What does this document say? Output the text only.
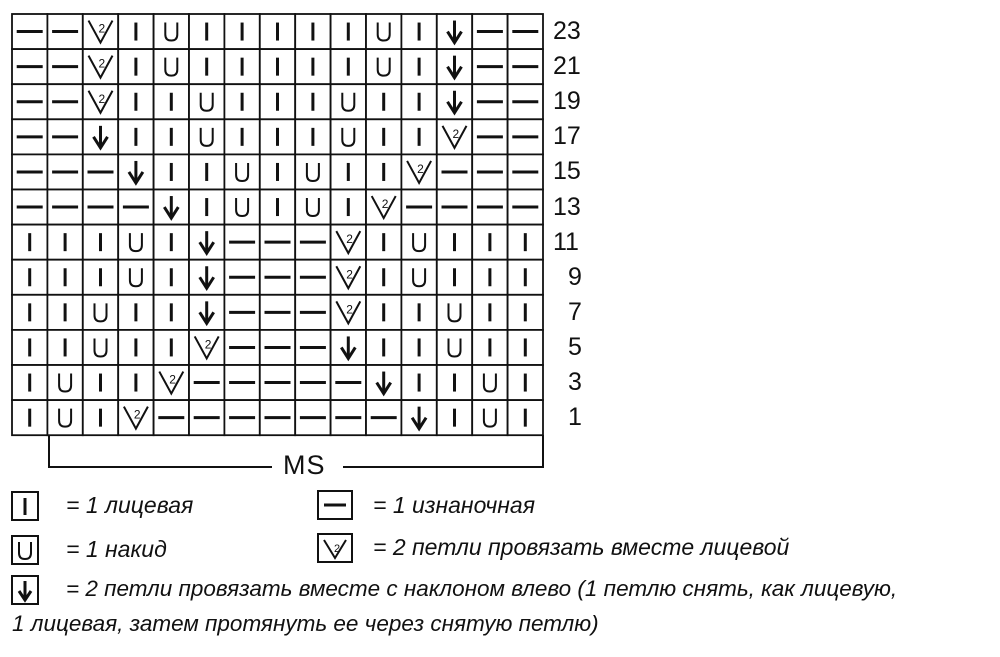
2
2
2
2
2
2
2
2
2
2
2
2
2
23
21
19
17
15
13
11
9
7
5
3
1
MS
= 1 лицевая	= 1 изнаночная
= 1 накид	= 2 петли провязать вместе лицевой
= 2 петли провязать вместе с наклоном влево (1 петлю снять, как лицевую,
1 лицевая, затем протянуть ее через снятую петлю)
